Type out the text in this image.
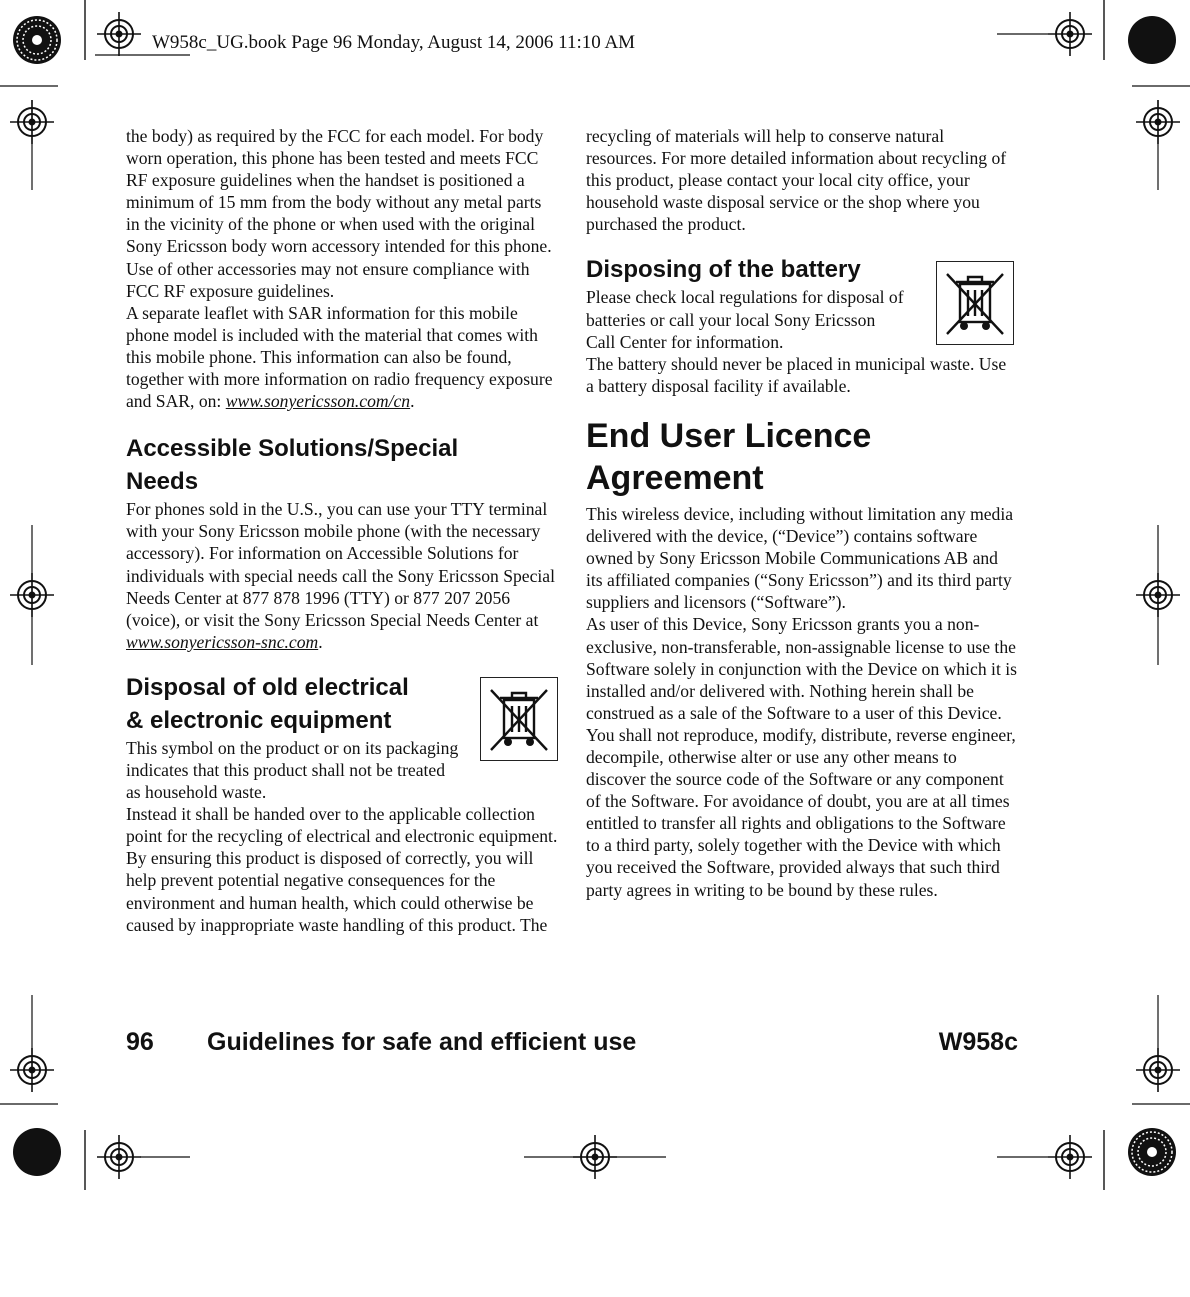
W958c_UG.book Page 96 Monday, August 14, 2006 11:10 AM

the body) as required by the FCC for each model. For body worn operation, this phone has been tested and meets FCC RF exposure guidelines when the handset is positioned a minimum of 15 mm from the body without any metal parts in the vicinity of the phone or when used with the original Sony Ericsson body worn accessory intended for this phone. Use of other accessories may not ensure compliance with FCC RF exposure guidelines.

A separate leaflet with SAR information for this mobile phone model is included with the material that comes with this mobile phone. This information can also be found, together with more information on radio frequency exposure and SAR, on: www.sonyericsson.com/cn.

Accessible Solutions/Special Needs

For phones sold in the U.S., you can use your TTY terminal with your Sony Ericsson mobile phone (with the necessary accessory). For information on Accessible Solutions for individuals with special needs call the Sony Ericsson Special Needs Center at 877 878 1996 (TTY) or 877 207 2056 (voice), or visit the Sony Ericsson Special Needs Center at www.sonyericsson-snc.com.

Disposal of old electrical
& electronic equipment

This symbol on the product or on its packaging indicates that this product shall not be treated as household waste.

Instead it shall be handed over to the applicable collection point for the recycling of electrical and electronic equipment. By ensuring this product is disposed of correctly, you will help prevent potential negative consequences for the environment and human health, which could otherwise be caused by inappropriate waste handling of this product. The

recycling of materials will help to conserve natural resources. For more detailed information about recycling of this product, please contact your local city office, your household waste disposal service or the shop where you purchased the product.

Disposing of the battery

Please check local regulations for disposal of batteries or call your local Sony Ericsson Call Center for information.

The battery should never be placed in municipal waste. Use a battery disposal facility if available.

End User Licence
Agreement

This wireless device, including without limitation any media delivered with the device, (“Device”) contains software owned by Sony Ericsson Mobile Communications AB and its affiliated companies (“Sony Ericsson”) and its third party suppliers and licensors (“Software”).

As user of this Device, Sony Ericsson grants you a non-exclusive, non-transferable, non-assignable license to use the Software solely in conjunction with the Device on which it is installed and/or delivered with. Nothing herein shall be construed as a sale of the Software to a user of this Device.

You shall not reproduce, modify, distribute, reverse engineer, decompile, otherwise alter or use any other means to discover the source code of the Software or any component of the Software. For avoidance of doubt, you are at all times entitled to transfer all rights and obligations to the Software to a third party, solely together with the Device with which you received the Software, provided always that such third party agrees in writing to be bound by these rules.

96 Guidelines for safe and efficient use	W958c
